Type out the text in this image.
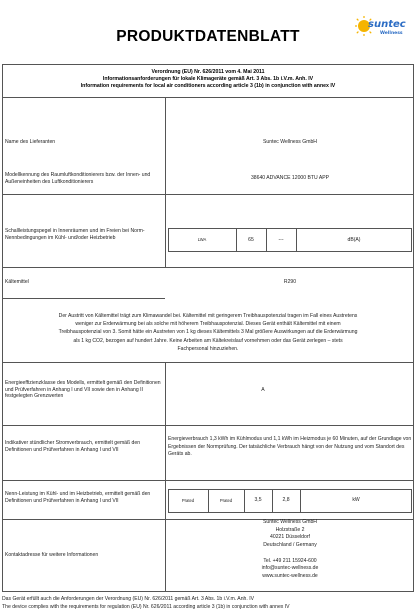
PRODUKTDATENBLATT
suntec
Wellness
Verordnung (EU) Nr. 626/2011 vom 4. Mai 2011
Informationsanforderungen für lokale Klimageräte gemäß Art. 3 Abs. 1b i.V.m. Anh. IV
Information requirements for local air conditioners according article 3 (1b) in conjunction with annex IV
Name des Lieferanten	Suntec Wellness GmbH
Modellkennung des Raumluftkonditionierers bzw. der Innen- und Außeneinheiten des Luftkonditionierers
38640 ADVANCE 12000 BTU APP
Schallleistungspegel in Innenräumen und im Freien bei Norm-Nennbedingungen im Kühl- und/oder Heizbetrieb	LWA	65	---	dB(A)
Kältemittel	R290
Der Austritt von Kältemittel trägt zum Klimawandel bei. Kältemittel mit geringerem Treibhauspotenzial tragen im Fall eines Austretens weniger zur Erderwärmung bei als solche mit höherem Treibhauspotenzial. Dieses Gerät enthält Kältemittel mit einem Treibhauspotenzial von 3. Somit hätte ein Austreten von 1 kg dieses Kältemittels 3 Mal größere Auswirkungen auf die Erderwärmung als 1 kg CO2, bezogen auf hundert Jahre. Keine Arbeiten am Kältekreislauf vornehmen oder das Gerät zerlegen – stets Fachpersonal hinzuziehen.
Energieeffizienzklasse des Modells, ermittelt gemäß den Definitionen und Prüfverfahren in Anhang I und VII sowie den in Anhang II festgelegten Grenzwerten
A
Indikativer stündlicher Stromverbrauch, ermittelt gemäß den Definitionen und Prüfverfahren in Anhang I und VII
Energieverbrauch 1,3 kWh im Kühlmodus und 1,1 kWh im Heizmodus je 60 Minuten, auf der Grundlage von Ergebnissen der Normprüfung. Der tatsächliche Verbrauch hängt von der Nutzung und vom Standort des Geräts ab.
Nenn-Leistung im Kühl- und im Heizbetrieb, ermittelt gemäß den Definitionen und Prüfverfahren in Anhang I und VII	Prated	Prated	3,5	2,8	kW
Kontaktadresse für weitere Informationen
Suntec Wellness GmbH
Holzstraße 2
40221 Düsseldorf
Deutschland / Germany
Tel. +49 211 15924-600
info@suntec-wellness.de
www.suntec-wellness.de
Das Gerät erfüllt auch die Anforderungen der Verordnung (EU) Nr. 626/2011 gemäß Art. 3 Abs. 1b i.V.m. Anh. IV
The device complies with the requirements for regulation (EU) Nr. 626/2011 according article 3 (1b) in conjunction with annex IV
